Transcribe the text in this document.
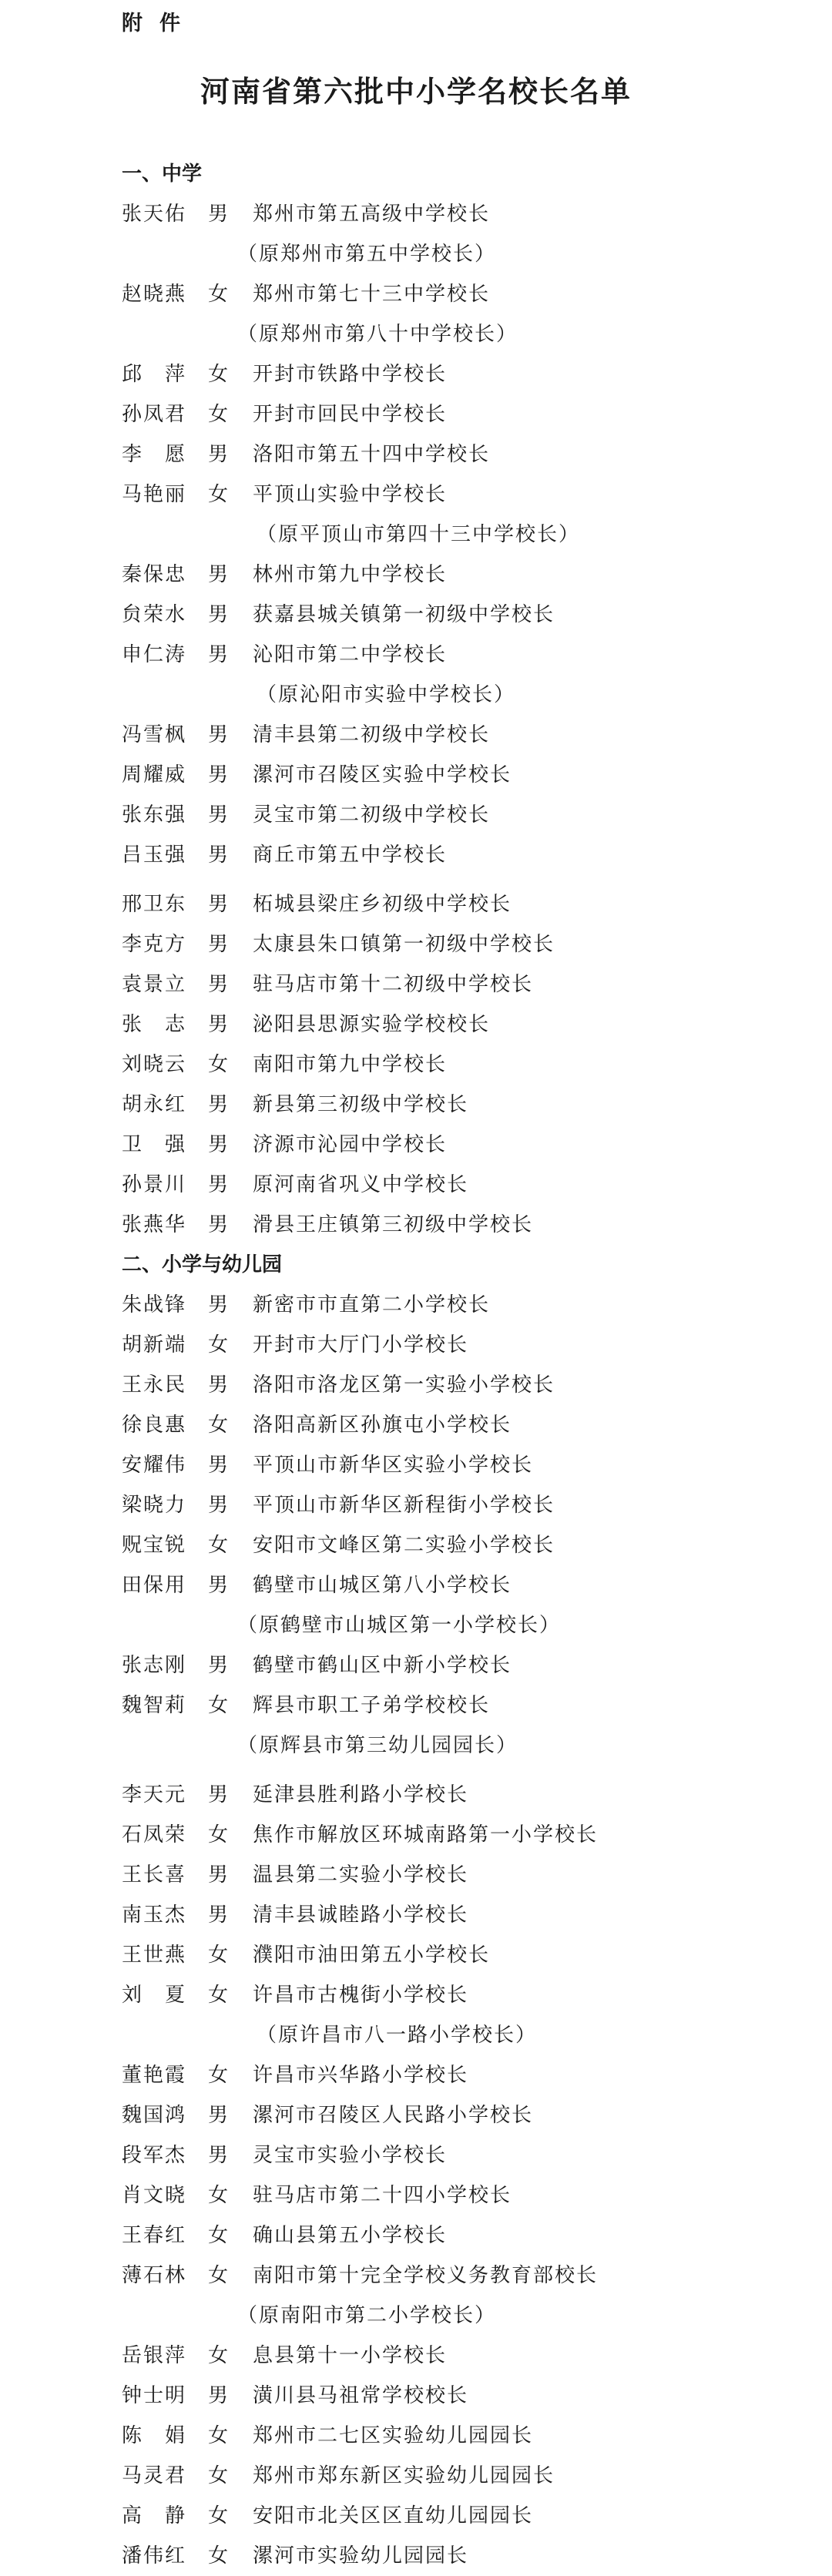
附件
河南省第六批中小学名校长名单
一、中学
张天佑	男	郑州市第五高级中学校长
（原郑州市第五中学校长）
赵晓燕	女	郑州市第七十三中学校长
（原郑州市第八十中学校长）
邱　萍	女	开封市铁路中学校长
孙凤君	女	开封市回民中学校长
李　愿	男	洛阳市第五十四中学校长
马艳丽	女	平顶山实验中学校长
（原平顶山市第四十三中学校长）
秦保忠	男	林州市第九中学校长
贠荣水	男	获嘉县城关镇第一初级中学校长
申仁涛	男	沁阳市第二中学校长
（原沁阳市实验中学校长）
冯雪枫	男	清丰县第二初级中学校长
周耀威	男	漯河市召陵区实验中学校长
张东强	男	灵宝市第二初级中学校长
吕玉强	男	商丘市第五中学校长
邢卫东	男	柘城县梁庄乡初级中学校长
李克方	男	太康县朱口镇第一初级中学校长
袁景立	男	驻马店市第十二初级中学校长
张　志	男	泌阳县思源实验学校校长
刘晓云	女	南阳市第九中学校长
胡永红	男	新县第三初级中学校长
卫　强	男	济源市沁园中学校长
孙景川	男	原河南省巩义中学校长
张燕华	男	滑县王庄镇第三初级中学校长
二、小学与幼儿园
朱战锋	男	新密市市直第二小学校长
胡新端	女	开封市大厅门小学校长
王永民	男	洛阳市洛龙区第一实验小学校长
徐良惠	女	洛阳高新区孙旗屯小学校长
安耀伟	男	平顶山市新华区实验小学校长
梁晓力	男	平顶山市新华区新程街小学校长
贶宝锐	女	安阳市文峰区第二实验小学校长
田保用	男	鹤壁市山城区第八小学校长
（原鹤壁市山城区第一小学校长）
张志刚	男	鹤壁市鹤山区中新小学校长
魏智莉	女	辉县市职工子弟学校校长
（原辉县市第三幼儿园园长）
李天元	男	延津县胜利路小学校长
石凤荣	女	焦作市解放区环城南路第一小学校长
王长喜	男	温县第二实验小学校长
南玉杰	男	清丰县诚睦路小学校长
王世燕	女	濮阳市油田第五小学校长
刘　夏	女	许昌市古槐街小学校长
（原许昌市八一路小学校长）
董艳霞	女	许昌市兴华路小学校长
魏国鸿	男	漯河市召陵区人民路小学校长
段军杰	男	灵宝市实验小学校长
肖文晓	女	驻马店市第二十四小学校长
王春红	女	确山县第五小学校长
薄石林	女	南阳市第十完全学校义务教育部校长
（原南阳市第二小学校长）
岳银萍	女	息县第十一小学校长
钟士明	男	潢川县马祖常学校校长
陈　娟	女	郑州市二七区实验幼儿园园长
马灵君	女	郑州市郑东新区实验幼儿园园长
高　静	女	安阳市北关区区直幼儿园园长
潘伟红	女	漯河市实验幼儿园园长
